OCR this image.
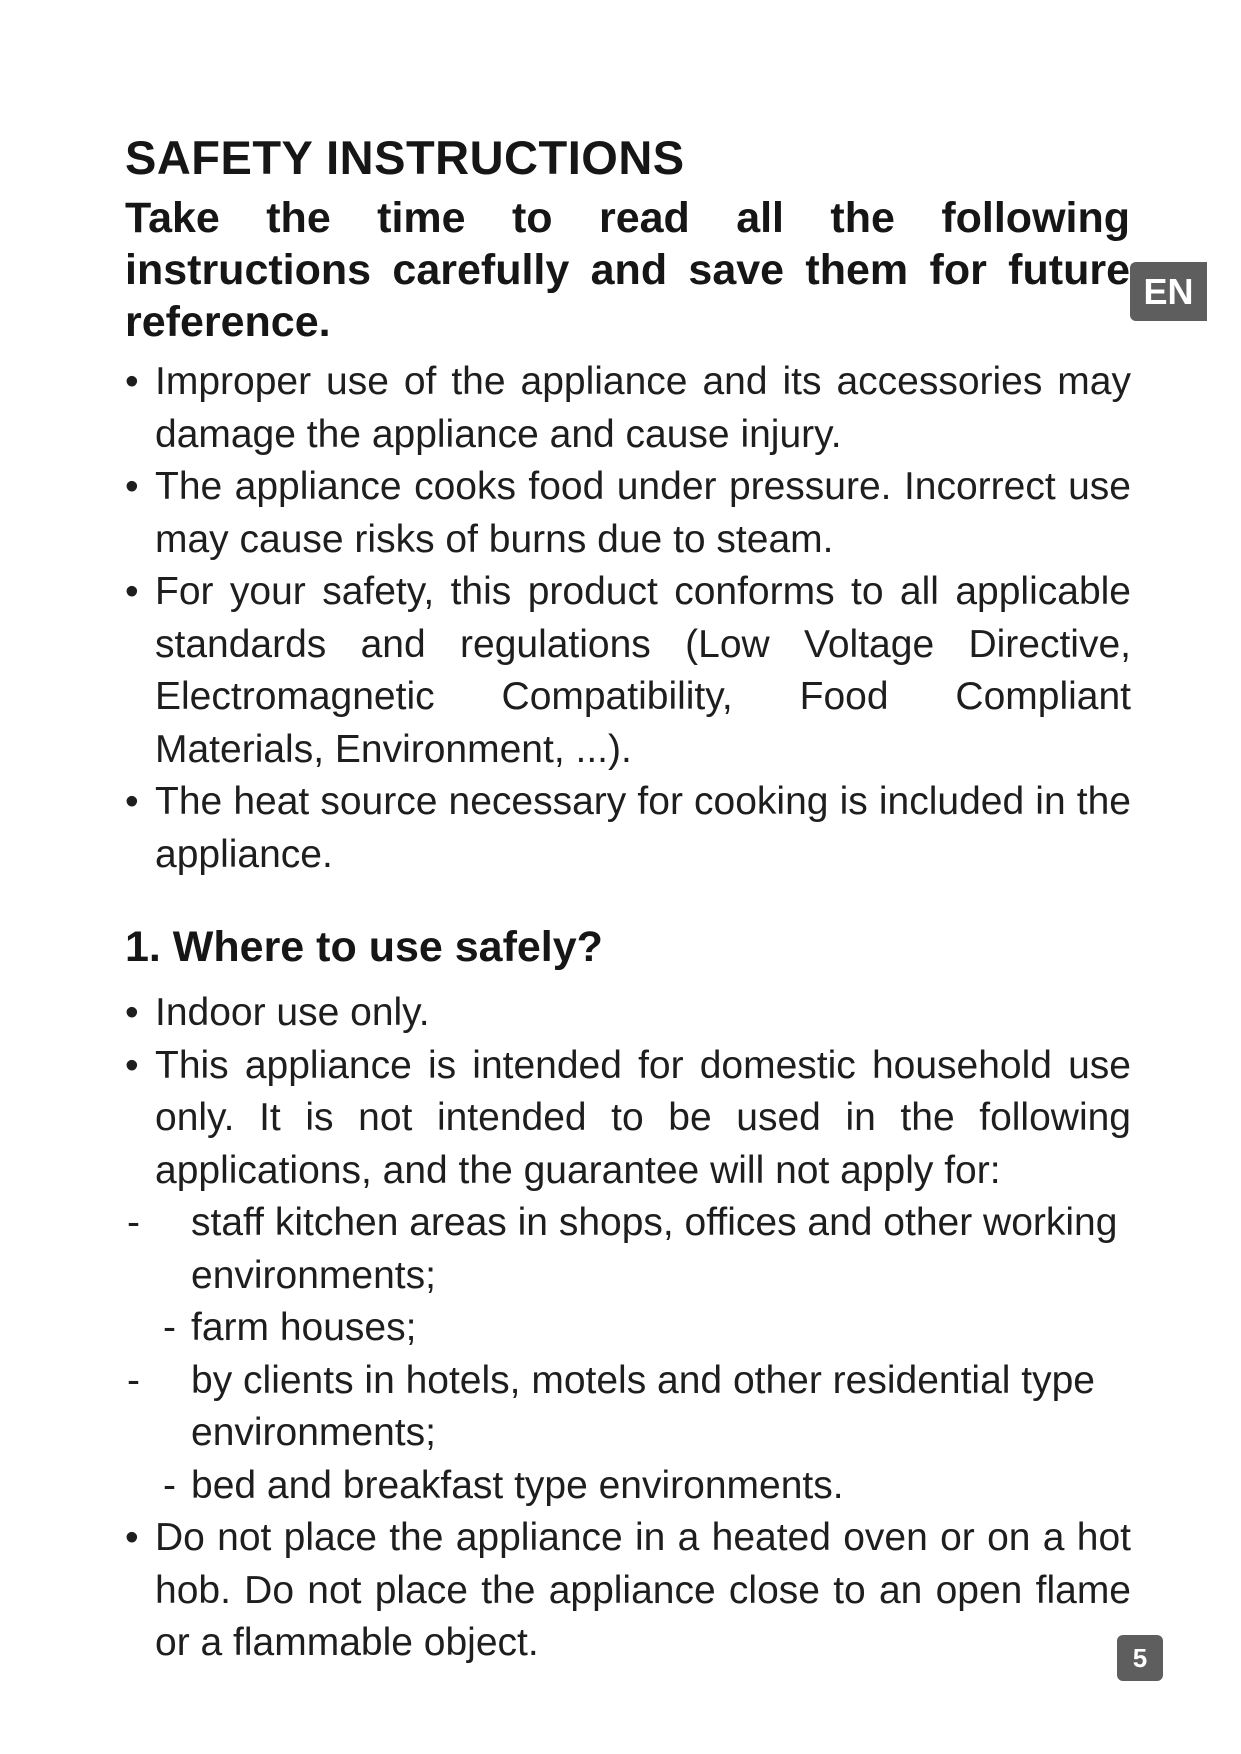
SAFETY INSTRUCTIONS

Take the time to read all the following instructions carefully and save them for future reference.

• Improper use of the appliance and its accessories may damage the appliance and cause injury.
• The appliance cooks food under pressure. Incorrect use may cause risks of burns due to steam.
• For your safety, this product conforms to all applicable standards and regulations (Low Voltage Directive, Electromagnetic Compatibility, Food Compliant Materials, Environment, ...).
• The heat source necessary for cooking is included in the appliance.
1. Where to use safely?
• Indoor use only.
• This appliance is intended for domestic household use only. It is not intended to be used in the following applications, and the guarantee will not apply for:
- staff kitchen areas in shops, offices and other working environments;
- farm houses;
- by clients in hotels, motels and other residential type environments;
- bed and breakfast type environments.
• Do not place the appliance in a heated oven or on a hot hob. Do not place the appliance close to an open flame or a flammable object.
EN
5
